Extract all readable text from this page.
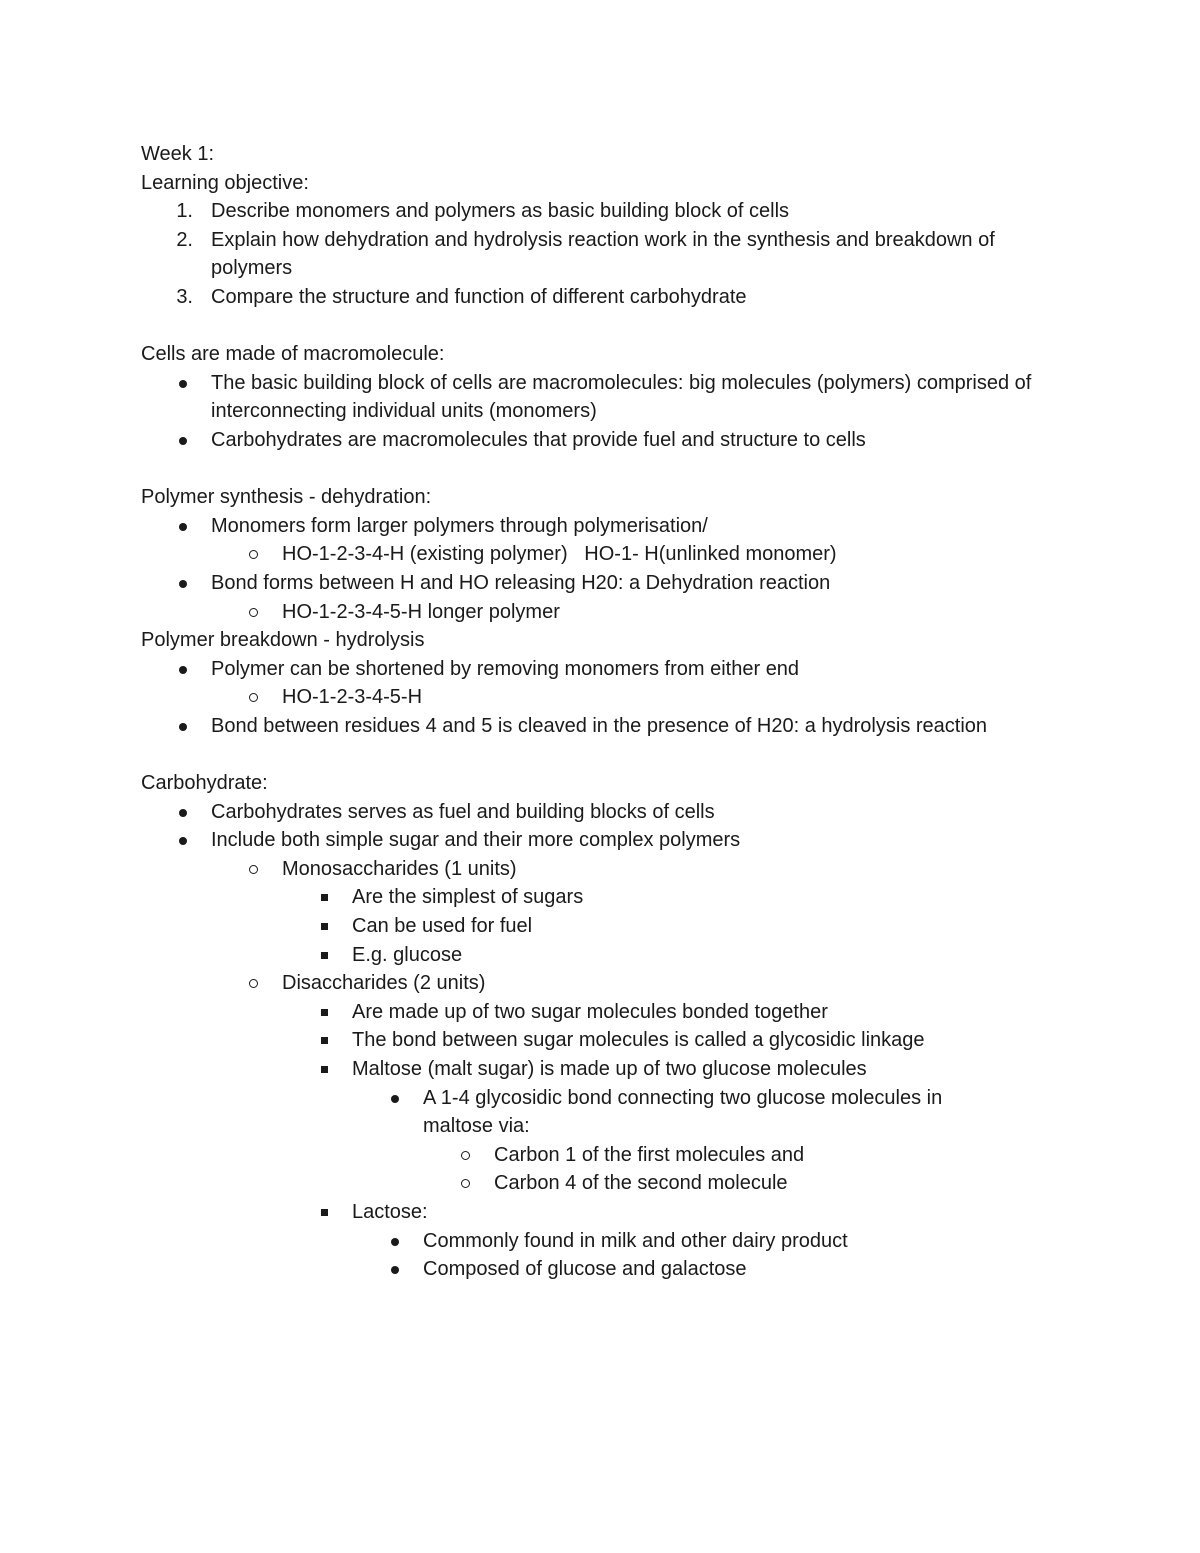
Week 1:
Learning objective:
1. Describe monomers and polymers as basic building block of cells
2. Explain how dehydration and hydrolysis reaction work in the synthesis and breakdown of polymers
3. Compare the structure and function of different carbohydrate
Cells are made of macromolecule:
The basic building block of cells are macromolecules: big molecules (polymers) comprised of interconnecting individual units (monomers)
Carbohydrates are macromolecules that provide fuel and structure to cells
Polymer synthesis - dehydration:
Monomers form larger polymers through polymerisation/
HO-1-2-3-4-H (existing polymer)   HO-1- H(unlinked monomer)
Bond forms between H and HO releasing H20: a Dehydration reaction
HO-1-2-3-4-5-H longer polymer
Polymer breakdown - hydrolysis
Polymer can be shortened by removing monomers from either end
HO-1-2-3-4-5-H
Bond between residues 4 and 5 is cleaved in the presence of H20: a hydrolysis reaction
Carbohydrate:
Carbohydrates serves as fuel and building blocks of cells
Include both simple sugar and their more complex polymers
Monosaccharides (1 units)
Are the simplest of sugars
Can be used for fuel
E.g. glucose
Disaccharides (2 units)
Are made up of two sugar molecules bonded together
The bond between sugar molecules is called a glycosidic linkage
Maltose (malt sugar) is made up of two glucose molecules
A 1-4 glycosidic bond connecting two glucose molecules in maltose via:
Carbon 1 of the first molecules and
Carbon 4 of the second molecule
Lactose:
Commonly found in milk and other dairy product
Composed of glucose and galactose
